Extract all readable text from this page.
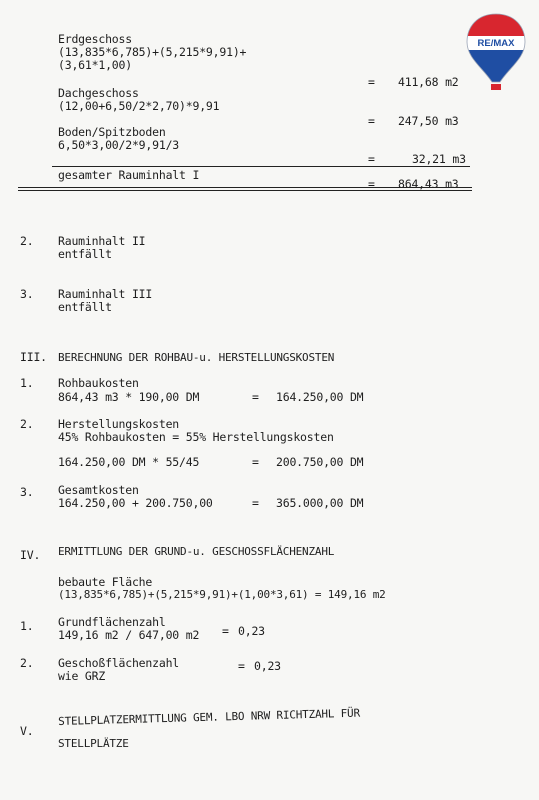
RE/MAX
Erdgeschoss
(13,835*6,785)+(5,215*9,91)+
(3,61*1,00)
= 411,68 m2
Dachgeschoss
(12,00+6,50/2*2,70)*9,91
= 247,50 m3
Boden/Spitzboden
6,50*3,00/2*9,91/3
=	32,21 m3
gesamter Rauminhalt I
= 864,43 m3
2. Rauminhalt II
entfällt
3. Rauminhalt III
entfällt
III. BERECHNUNG DER ROHBAU-u. HERSTELLUNGSKOSTEN
1. Rohbaukosten
864,43 m3 * 190,00 DM	= 164.250,00 DM
2. Herstellungskosten
45% Rohbaukosten = 55% Herstellungskosten
164.250,00 DM * 55/45	= 200.750,00 DM
3. Gesamtkosten
164.250,00 + 200.750,00	= 365.000,00 DM
IV. ERMITTLUNG DER GRUND-u. GESCHOSSFLÄCHENZAHL
bebaute Fläche
(13,835*6,785)+(5,215*9,91)+(1,00*3,61) = 149,16 m2
1. Grundflächenzahl
149,16 m2 / 647,00 m2 = 0,23
2. Geschoßflächenzahl
wie GRZ
= 0,23
V.
STELLPLATZERMITTLUNG GEM. LBO NRW RICHTZAHL FÜR
STELLPLÄTZE
